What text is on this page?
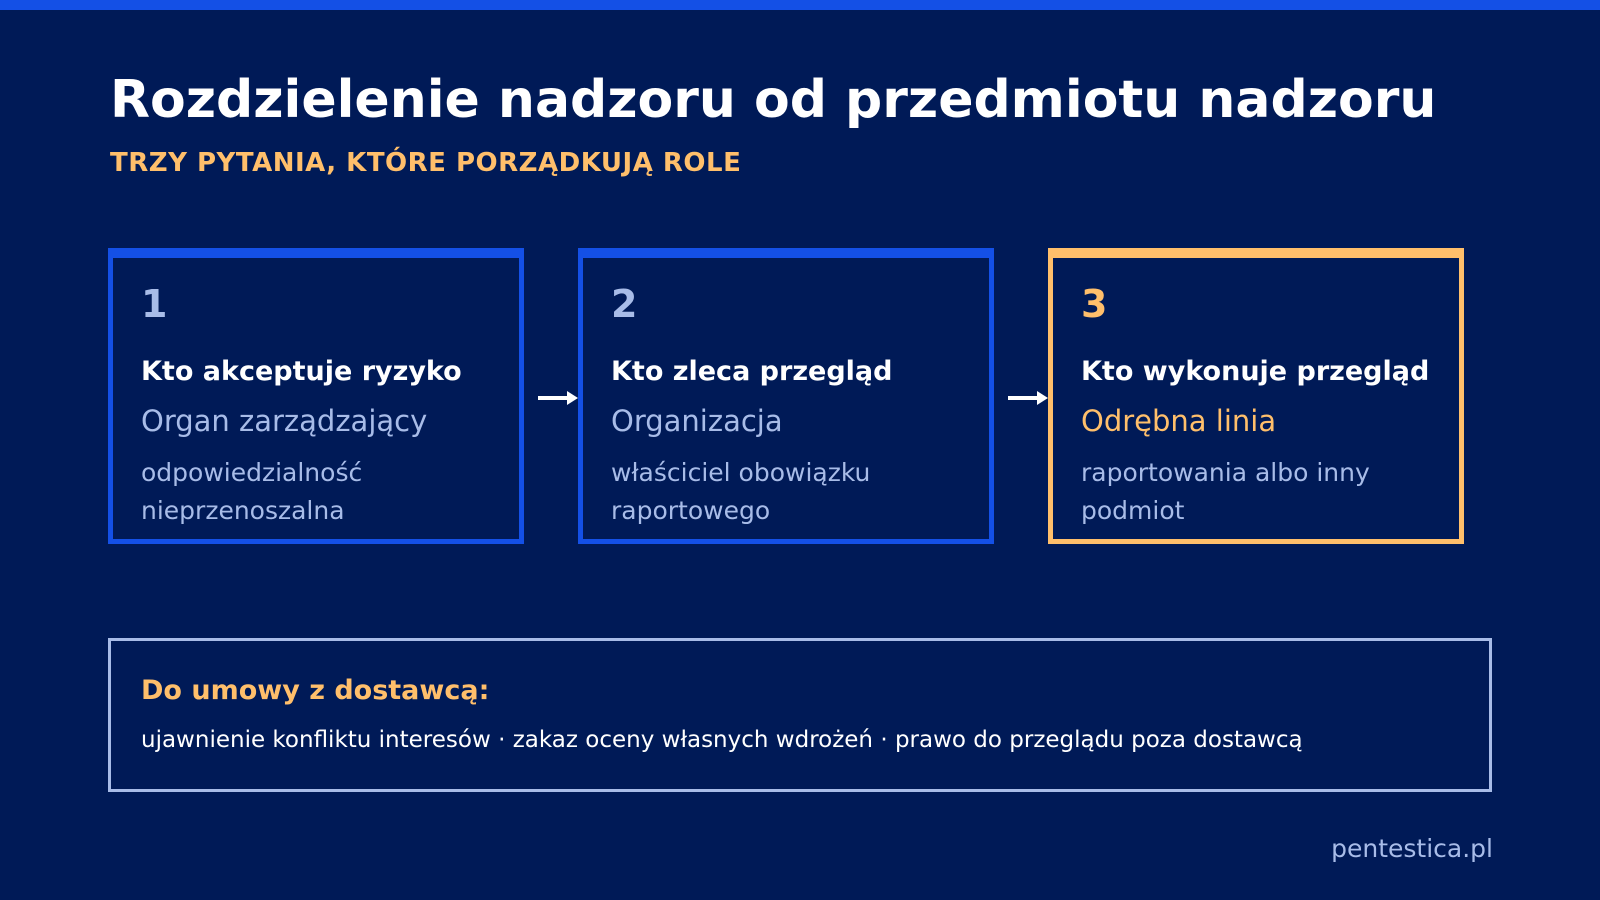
Rozdzielenie nadzoru od przedmiotu nadzoru
TRZY PYTANIA, KTÓRE PORZĄDKUJĄ ROLE
1
Kto akceptuje ryzyko
Organ zarządzający
odpowiedzialność nieprzenoszalna
2
Kto zleca przegląd
Organizacja
właściciel obowiązku raportowego
3
Kto wykonuje przegląd
Odrębna linia
raportowania albo inny podmiot
Do umowy z dostawcą:
ujawnienie konfliktu interesów · zakaz oceny własnych wdrożeń · prawo do przeglądu poza dostawcą
pentestica.pl
